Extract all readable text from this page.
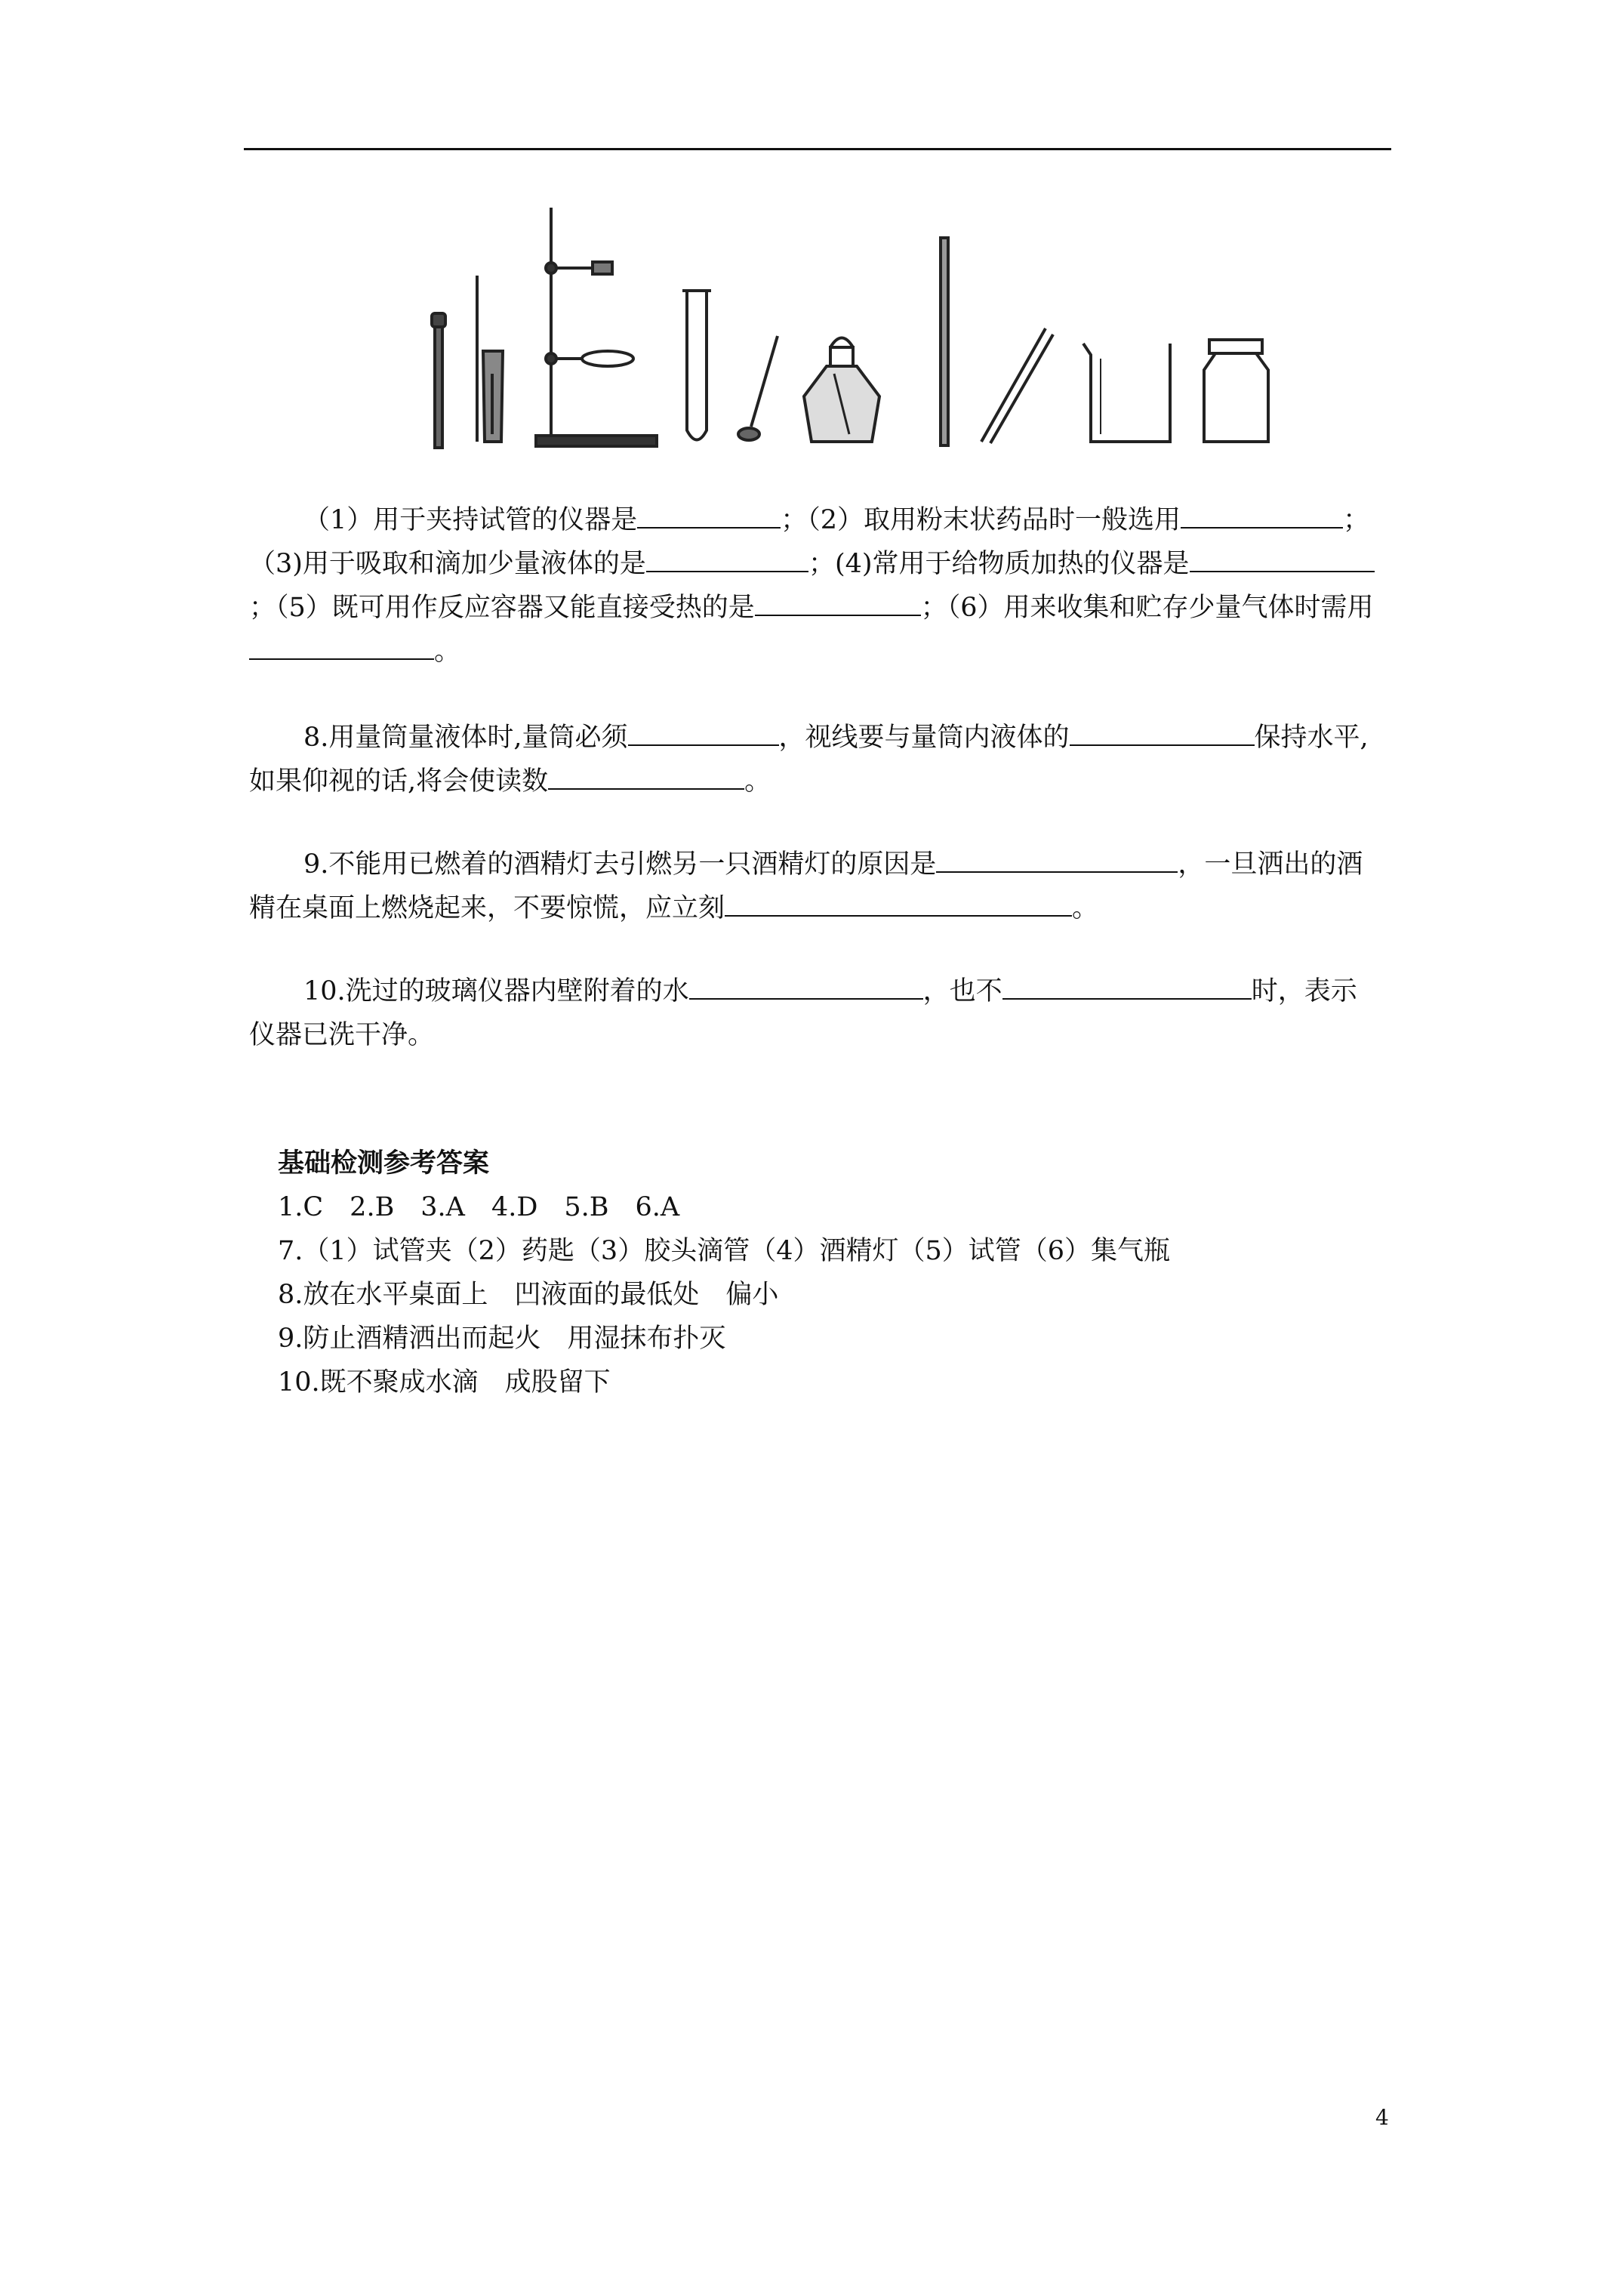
（1）用于夹持试管的仪器是	；（2）取用粉末状药品时一般选用	；（3)用于吸取和滴加少量液体的是	；(4)常用于给物质加热的仪器是；（5）既可用作反应容器又能直接受热的是	；（6）用来收集和贮存少量气体时需用。
8.用量筒量液体时,量筒必须	，视线要与量筒内液体的	保持水平,如果仰视的话,将会使读数	。
9.不能用已燃着的酒精灯去引燃另一只酒精灯的原因是	，一旦洒出的酒精在桌面上燃烧起来，不要惊慌，应立刻	。
10.洗过的玻璃仪器内壁附着的水	，也不	时，表示仪器已洗干净。
基础检测参考答案
1.C　2.B　3.A　4.D　5.B　6.A
7.（1）试管夹（2）药匙（3）胶头滴管（4）酒精灯（5）试管（6）集气瓶
8.放在水平桌面上　凹液面的最低处　偏小
9.防止酒精洒出而起火　用湿抹布扑灭
10.既不聚成水滴　成股留下
4
